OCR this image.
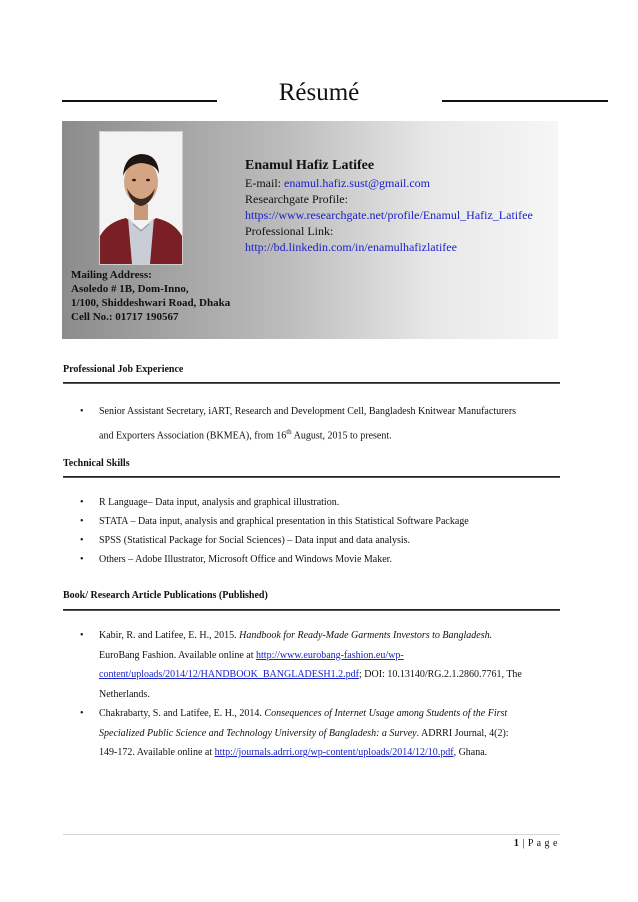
Résumé
Enamul Hafiz Latifee
E-mail: enamul.hafiz.sust@gmail.com
Researchgate Profile:
https://www.researchgate.net/profile/Enamul_Hafiz_Latifee
Professional Link:
http://bd.linkedin.com/in/enamulhafizlatifee
Mailing Address:
Asoledo # 1B, Dom-Inno,
1/100, Shiddeshwari Road, Dhaka
Cell No.: 01717 190567
Professional Job Experience
• Senior Assistant Secretary, iART, Research and Development Cell, Bangladesh Knitwear Manufacturers
and Exporters Association (BKMEA), from 16th August, 2015 to present.
Technical Skills
• R Language– Data input, analysis and graphical illustration.
• STATA – Data input, analysis and graphical presentation in this Statistical Software Package
• SPSS (Statistical Package for Social Sciences) – Data input and data analysis.
• Others – Adobe Illustrator, Microsoft Office and Windows Movie Maker.
Book/ Research Article Publications (Published)
• Kabir, R. and Latifee, E. H., 2015. Handbook for Ready-Made Garments Investors to Bangladesh.
EuroBang Fashion. Available online at http://www.eurobang-fashion.eu/wp-
content/uploads/2014/12/HANDBOOK_BANGLADESH1.2.pdf; DOI: 10.13140/RG.2.1.2860.7761, The
Netherlands.
• Chakrabarty, S. and Latifee, E. H., 2014. Consequences of Internet Usage among Students of the First
Specialized Public Science and Technology University of Bangladesh: a Survey. ADRRI Journal, 4(2):
149-172. Available online at http://journals.adrri.org/wp-content/uploads/2014/12/10.pdf, Ghana.
1 | P a g e
